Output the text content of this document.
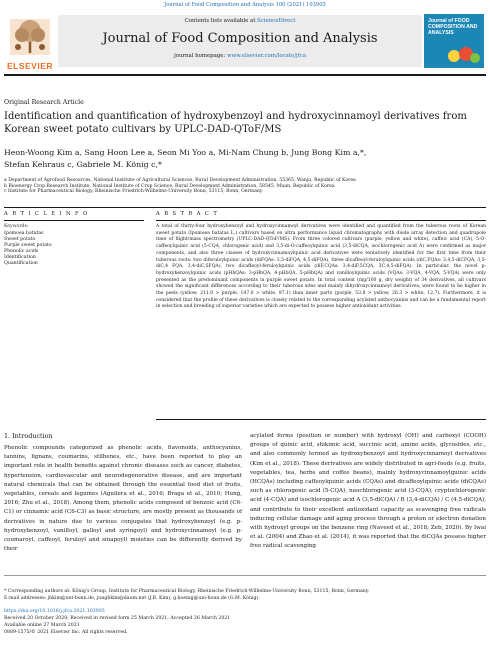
Journal of Food Composition and Analysis 100 (2021) 103905
Contents lists available at ScienceDirect
Journal of Food Composition and Analysis
journal homepage: www.elsevier.com/locate/jfca
ELSEVIER
Journal of FOOD COMPOSITION AND ANALYSIS
Original Research Article
Identification and quantification of hydroxybenzoyl and hydroxycinnamoyl derivatives from Korean sweet potato cultivars by UPLC-DAD-QToF/MS
Heon-Woong Kim a, Sang Hoon Lee a, Seon Mi Yoo a, Mi-Nam Chung b, Jung Bong Kim a,*,
Stefan Kehraus c, Gabriele M. König c,*
a Department of Agrofood Resources, National Institute of Agricultural Sciences, Rural Development Administration, 55365, Wanju, Republic of Korea
b Bioenergy Crop Research Institute, National Institute of Crop Science, Rural Development Administration, 58545, Muan, Republic of Korea
c Institute for Pharmaceutical Biology, Rheinische Friedrich-Wilhelms-University Bonn, 53115, Bonn, Germany
A R T I C L E I N F O	A B S T R A C T
Keywords:
Ipomoea batatas
Sweet potato
Purple sweet potato
Phenolic acids
Identification
Quantification
A total of thirty-four hydroxybenzoyl and hydroxycinnamoyl derivatives were identified and quantified from the tuberous roots of Korean sweet potato (Ipomoea batatas L.) cultivars based on ultra performance liquid chromatography with diode array detection and quadrupole time of flight/mass spectrometry (UPLC-DAD-QToF/MS). From three colored cultivars (purple, yellow and white), caffeic acid (CA), 5-O-caffeoylquinic acid (5-CQA, chlorogenic acid) and 3,5-di-O-caffeoylquinic acid (3,5-diCQA, isochlorogenic acid A) were confirmed as major components, and also three classes of hydroxycinnamoylquinic acid derivatives were tentatively identified for the first time from their tuberous roots: two diferuloylquinic acids (diFQAs: 3,5-diFQA, 4,5-diFQA), three dicaffeoyl-feruloylquinic acids (diC,FQAs: 3,4,5-diCFQA, 3,5-diC,4 FQA, 3,4-diC,5FQA), two dicaffeoyl-feruloylquinic acids (diF,CQAs: 3,4-diF,5CQA, 3C,4,5-diFQA). In particular, the novel p-hydroxybenzoylquinic acids (pHbQAs: 3-pHbQA, 4-pHbQA, 5-pHbQA) and vanilloylquinic acids (VQAs: 3-VQA, 4-VQA, 5-VQA) were only presented as the predominant components in purple sweet potato. In total content (mg/100 g, dry weight) of 34 derivatives, all cultivars showed the significant differences according to their tuberous sites and mainly dihydroxycinnamoyl derivatives, were found to be higher in the peels (yellow, 211.0 > purple, 147.0 > white, 97.1) than inner parts (purple, 53.8 > yellow, 26.3 > white, 12.7). Furthermore, it is considered that the profile of these derivatives is closely related to the corresponding acylated anthocyanins and can be a fundamental report in selection and breeding of superior varieties which are expected to possess higher antioxidant activities.
1. Introduction
Phenolic compounds categorized as phenolic acids, flavonoids, anthocyanins, tannins, lignans, coumarins, stilbenes, etc., have been reported to play an important role in health benefits against chronic diseases such as cancer, diabetes, hypertension, cardiovascular and neurodegenerative disease, and are important natural chemicals that can be obtained through the essential food diet of fruits, vegetables, cereals and legumes (Aguilera et al., 2016; Braga et al., 2010; Hung, 2016; Zhu et al., 2018). Among them, phenolic acids composed of benzoic acid (C6-C1) or cinnamic acid (C6-C3) as basic structure, are mostly present as thousands of derivatives in nature due to various conjugates that hydroxybenzoyl (e.g. p-hydroxybenzoyl, vanilloyl, galloyl and syringoyl) and hydroxycinnamoyl (e.g. p-coumaroyl, caffeoyl, feruloyl and sinapoyl) moieties can be differently derived by their
acylated forms (position or number) with hydroxyl (OH) and carboxyl (COOH) groups of quinic acid, shikimic acid, succinic acid, amino acids, glycosides, etc., and also commonly termed as hydroxybenzoyl and hydroxycinnamoyl derivatives (Kim et al., 2018). These derivatives are widely distributed in agri-foods (e.g. fruits, vegetables, tea, herbs and coffee beans), mainly hydroxycinnamoylquinic acids (HCQAs) including caffeoylquinic acids (CQAs) and dicaffeoylquinic acids (diCQAs) such as chlorogenic acid (5-CQA), neochlorogenic acid (3-CQA), cryptochlorogenic acid (4-CQA) and isochlorogenic acid A (3,5-diCQA) / B (3,4-diCQA) / C (4,5-diCQA), and contribute to their excellent antioxidant capacity as scavenging free radicals inducing cellular damage and aging process through a proton or electron donation with hydroxyl groups on the benzene ring (Naveed et al., 2018; Zeb, 2020). By Iwai et al. (2004) and Zhao et al. (2014), it was reported that the diCQAs possess higher free radical scavenging
* Corresponding authors at: König's Group, Institute for Pharmaceutical Biology, Rheinische Friedrich-Wilhelms-University Bonn, 53115, Bonn, Germany.
E-mail addresses: jbkim@uni-bonn.de, jungbkim@daum.net (J.B. Kim), g.koenig@uni-bonn.de (G.M. König).
https://doi.org/10.1016/j.jfca.2021.103905
Received 20 October 2020; Received in revised form 25 March 2021; Accepted 26 March 2021
Available online 27 March 2021
0889-1575/© 2021 Elsevier Inc. All rights reserved.
